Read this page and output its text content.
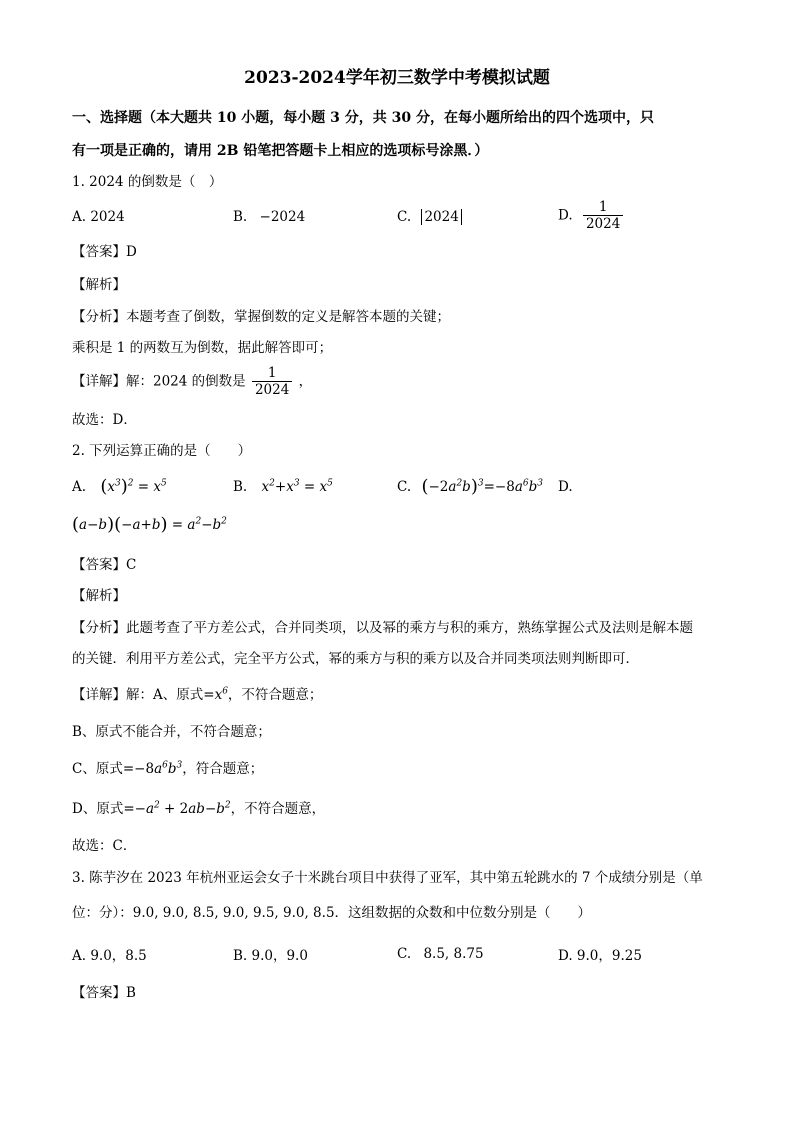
2023-2024学年初三数学中考模拟试题
一、选择题（本大题共 10 小题，每小题 3 分，共 30 分，在每小题所给出的四个选项中，只
有一项是正确的，请用 2B 铅笔把答题卡上相应的选项标号涂黑．）
1. 2024 的倒数是（　）
A. 2024	B. −2024	C. 2024	D. $\frac{1}{2024}$
【答案】D
【解析】
【分析】本题考查了倒数，掌握倒数的定义是解答本题的关键；
乘积是 1 的两数互为倒数，据此解答即可；
【详解】解：2024 的倒数是 $\frac{1}{2024}$ ，
故选：D．
2. 下列运算正确的是（　　）
A. $(x^3)^2 = x^5$	B. $x^2+x^3 = x^5$	C. $(-2a^2b)^3=-8a^6b^3$ D.
$(a-b)(-a+b) = a^2-b^2$
【答案】C
【解析】
【分析】此题考查了平方差公式，合并同类项，以及幂的乘方与积的乘方，熟练掌握公式及法则是解本题
的关键．利用平方差公式，完全平方公式，幂的乘方与积的乘方以及合并同类项法则判断即可．
【详解】解：A、原式$=x^6$，不符合题意；
B、原式不能合并，不符合题意；
C、原式$=-8a^6b^3$，符合题意；
D、原式$=-a^2 + 2ab-b^2$，不符合题意，
故选：C．
3. 陈芋汐在 2023 年杭州亚运会女子十米跳台项目中获得了亚军，其中第五轮跳水的 7 个成绩分别是（单
位：分）：9.0, 9.0, 8.5, 9.0, 9.5, 9.0, 8.5．这组数据的众数和中位数分别是（　　）
A. 9.0，8.5	B. 9.0，9.0	C. 8.5, 8.75	D. 9.0，9.25
【答案】B
